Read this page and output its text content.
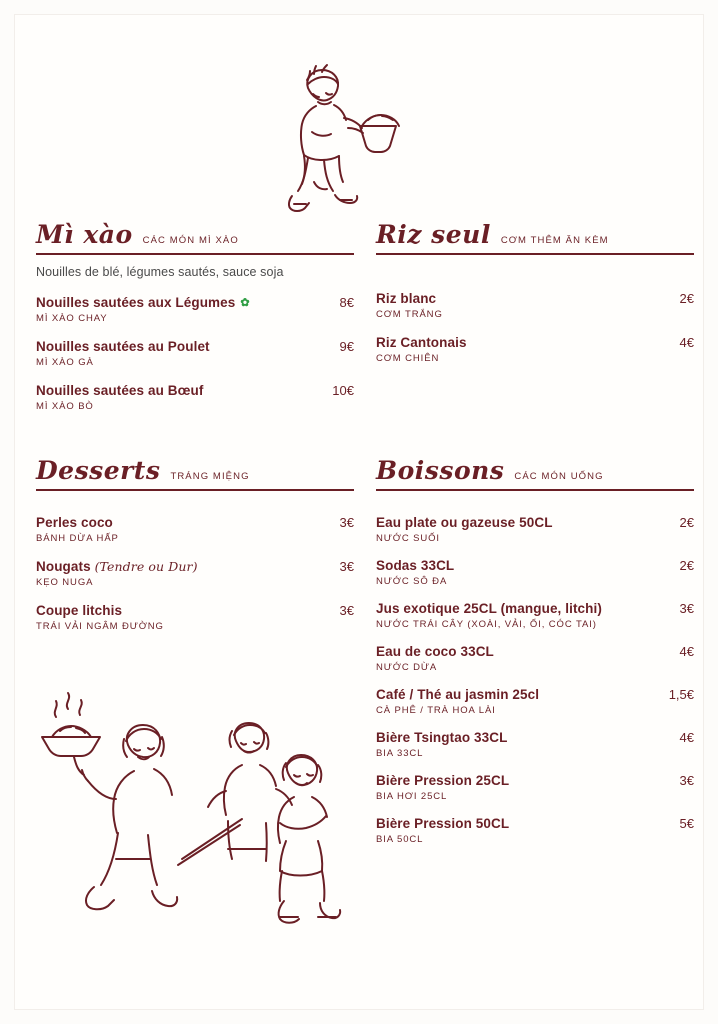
Mì xào CÁC MÓN MÌ XÀO

Nouilles de blé, légumes sautés, sauce soja

Nouilles sautées aux Légumes ✿	8€
MÌ XÀO CHAY
Nouilles sautées au Poulet	9€
MÌ XÀO GÀ
Nouilles sautées au Bœuf	10€
MÌ XÀO BÒ
Riz seul CƠM THÊM ĂN KÈM
Riz blanc	2€
CƠM TRẮNG
Riz Cantonais	4€
CƠM CHIÊN
Desserts TRÁNG MIỆNG
Perles coco	3€
BÁNH DỪA HẤP
Nougats (Tendre ou Dur)	3€
KẸO NUGA
Coupe litchis	3€
TRÁI VẢI NGÂM ĐƯỜNG
Boissons CÁC MÓN UỐNG
Eau plate ou gazeuse 50CL	2€
NƯỚC SUỐI
Sodas 33CL	2€
NƯỚC SÔ ĐA
Jus exotique 25CL (mangue, litchi)	3€
NƯỚC TRÁI CÂY (XOÀI, VẢI, ỔI, CÓC TAI)
Eau de coco 33CL	4€
NƯỚC DỪA
Café / Thé au jasmin 25cl	1,5€
CÀ PHÊ / TRÀ HOA LÀI
Bière Tsingtao 33CL	4€
BIA 33CL
Bière Pression 25CL	3€
BIA HƠI 25CL
Bière Pression 50CL	5€
BIA 50CL
